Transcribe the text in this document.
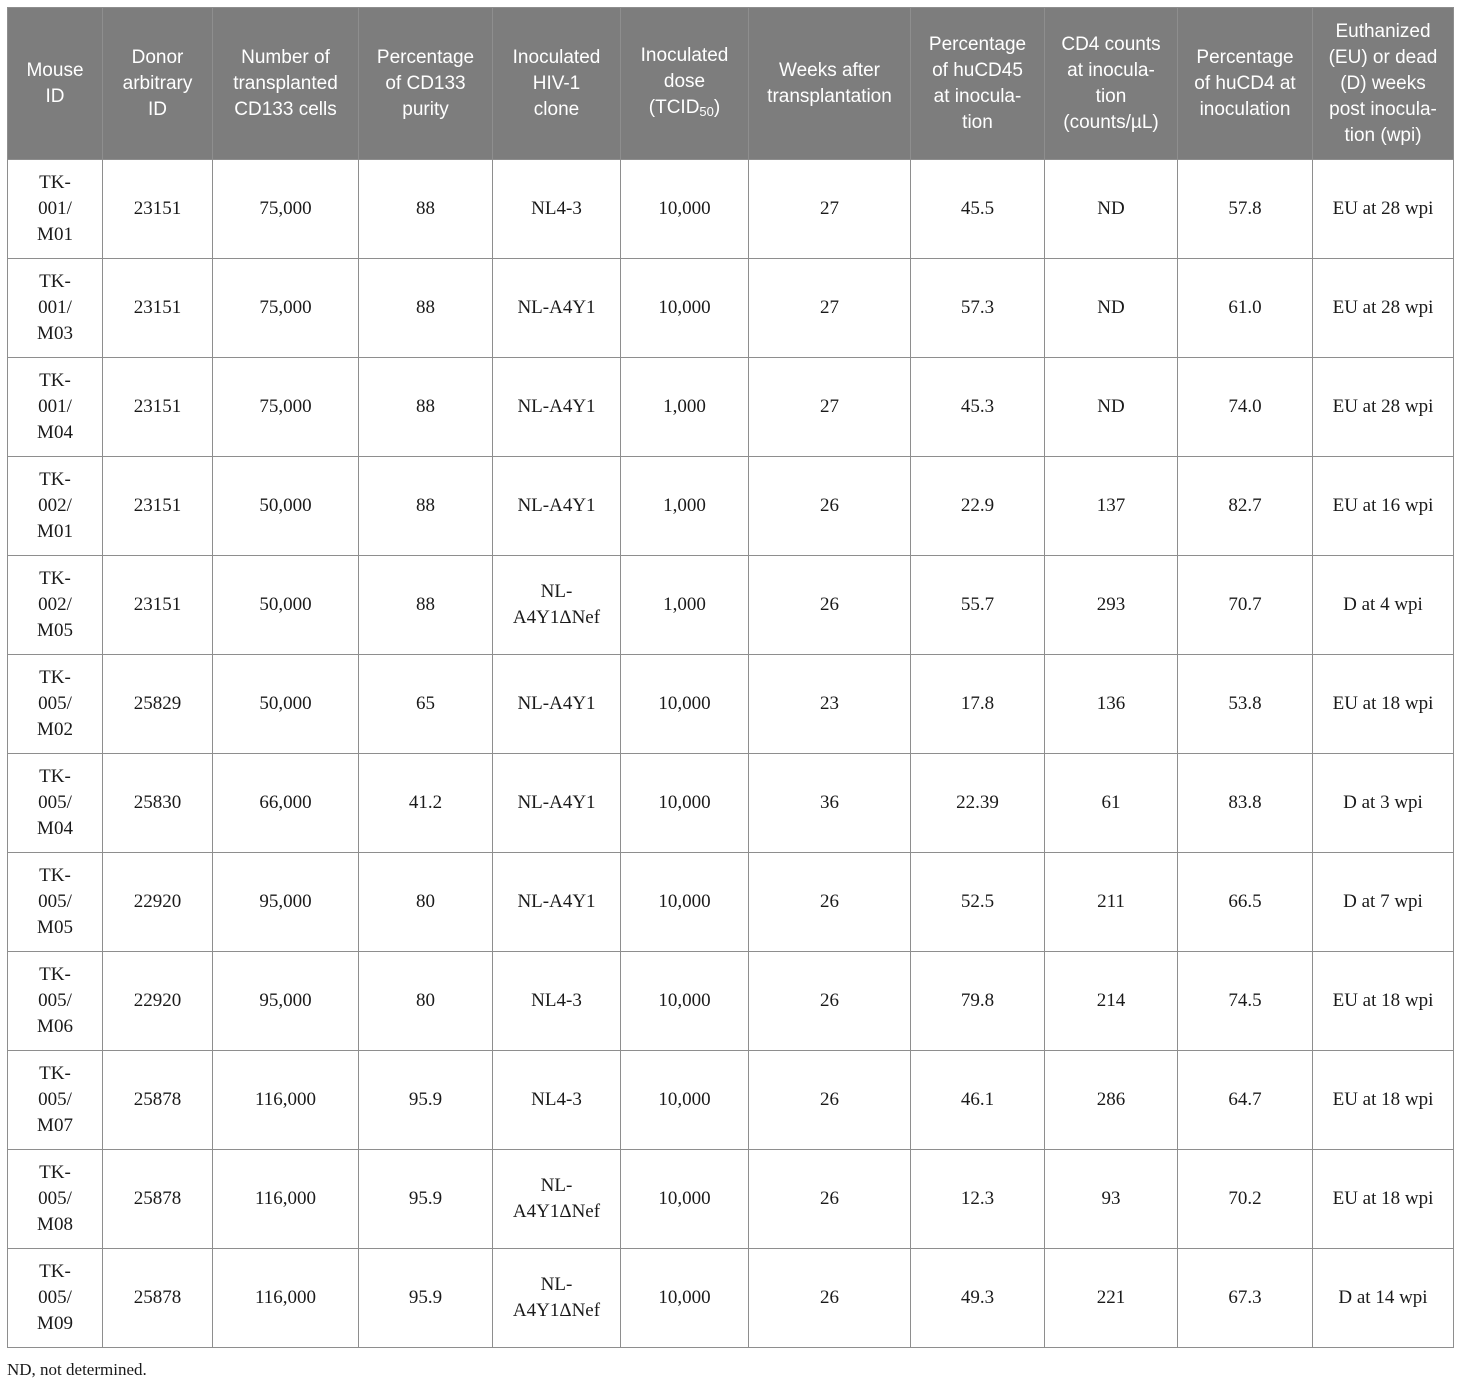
Mouse
ID	Donor
arbitrary
ID	Number of
transplanted
CD133 cells	Percentage
of CD133
purity	Inoculated
HIV-1
clone	Inoculated
dose
$(TCID_{50})$	Weeks after
transplantation	Percentage
of huCD45
at inocula-
tion	CD4 counts
at inocula-
tion
(counts/µL)	Percentage
of huCD4 at
inoculation	Euthanized
(EU) or dead
(D) weeks
post inocula-
tion (wpi)
TK-
001/
M01	23151	75,000	88	NL4-3	10,000	27	45.5	ND	57.8	EU at 28 wpi
TK-
001/
M03	23151	75,000	88	NL-A4Y1	10,000	27	57.3	ND	61.0	EU at 28 wpi
TK-
001/
M04	23151	75,000	88	NL-A4Y1	1,000	27	45.3	ND	74.0	EU at 28 wpi
TK-
002/
M01	23151	50,000	88	NL-A4Y1	1,000	26	22.9	137	82.7	EU at 16 wpi
TK-
002/
M05	23151	50,000	88	NL-
A4Y1ΔNef	1,000	26	55.7	293	70.7	D at 4 wpi
TK-
005/
M02	25829	50,000	65	NL-A4Y1	10,000	23	17.8	136	53.8	EU at 18 wpi
TK-
005/
M04	25830	66,000	41.2	NL-A4Y1	10,000	36	22.39	61	83.8	D at 3 wpi
TK-
005/
M05	22920	95,000	80	NL-A4Y1	10,000	26	52.5	211	66.5	D at 7 wpi
TK-
005/
M06	22920	95,000	80	NL4-3	10,000	26	79.8	214	74.5	EU at 18 wpi
TK-
005/
M07	25878	116,000	95.9	NL4-3	10,000	26	46.1	286	64.7	EU at 18 wpi
TK-
005/
M08	25878	116,000	95.9	NL-
A4Y1ΔNef	10,000	26	12.3	93	70.2	EU at 18 wpi
TK-
005/
M09	25878	116,000	95.9	NL-
A4Y1ΔNef	10,000	26	49.3	221	67.3	D at 14 wpi
ND, not determined.
